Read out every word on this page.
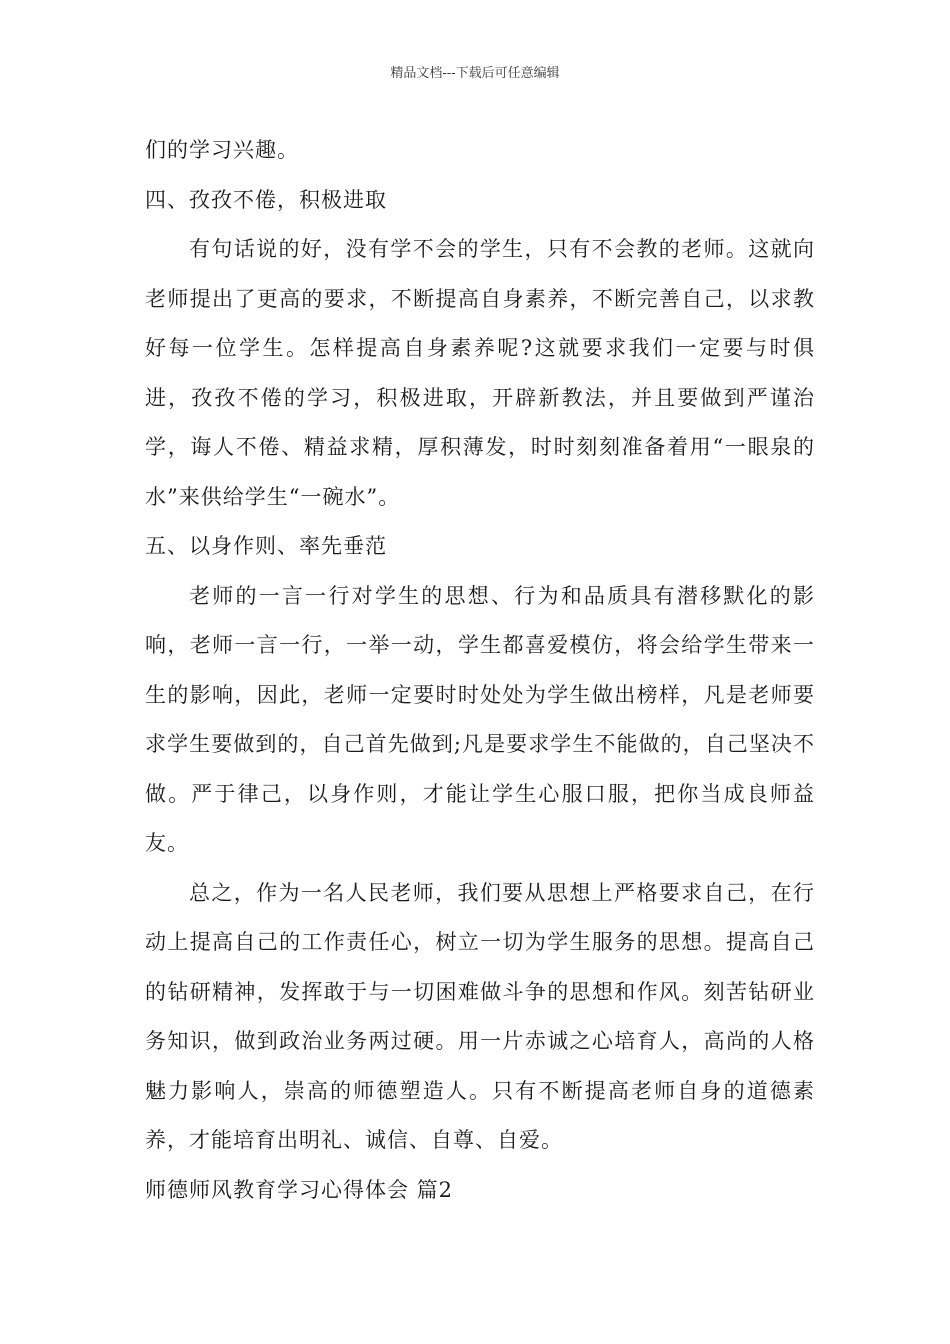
精品文档---下载后可任意编辑

们的学习兴趣。

四、孜孜不倦，积极进取

有句话说的好，没有学不会的学生，只有不会教的老师。这就向老师提出了更高的要求，不断提高自身素养，不断完善自己，以求教好每一位学生。怎样提高自身素养呢?这就要求我们一定要与时俱进，孜孜不倦的学习，积极进取，开辟新教法，并且要做到严谨治学，诲人不倦、精益求精，厚积薄发，时时刻刻准备着用“一眼泉的水”来供给学生“一碗水”。

五、以身作则、率先垂范

老师的一言一行对学生的思想、行为和品质具有潜移默化的影响，老师一言一行，一举一动，学生都喜爱模仿，将会给学生带来一生的影响，因此，老师一定要时时处处为学生做出榜样，凡是老师要求学生要做到的，自己首先做到;凡是要求学生不能做的，自己坚决不做。严于律己，以身作则，才能让学生心服口服，把你当成良师益友。

总之，作为一名人民老师，我们要从思想上严格要求自己，在行动上提高自己的工作责任心，树立一切为学生服务的思想。提高自己的钻研精神，发挥敢于与一切困难做斗争的思想和作风。刻苦钻研业务知识，做到政治业务两过硬。用一片赤诚之心培育人，高尚的人格魅力影响人，崇高的师德塑造人。只有不断提高老师自身的道德素养，才能培育出明礼、诚信、自尊、自爱。

师德师风教育学习心得体会 篇2
